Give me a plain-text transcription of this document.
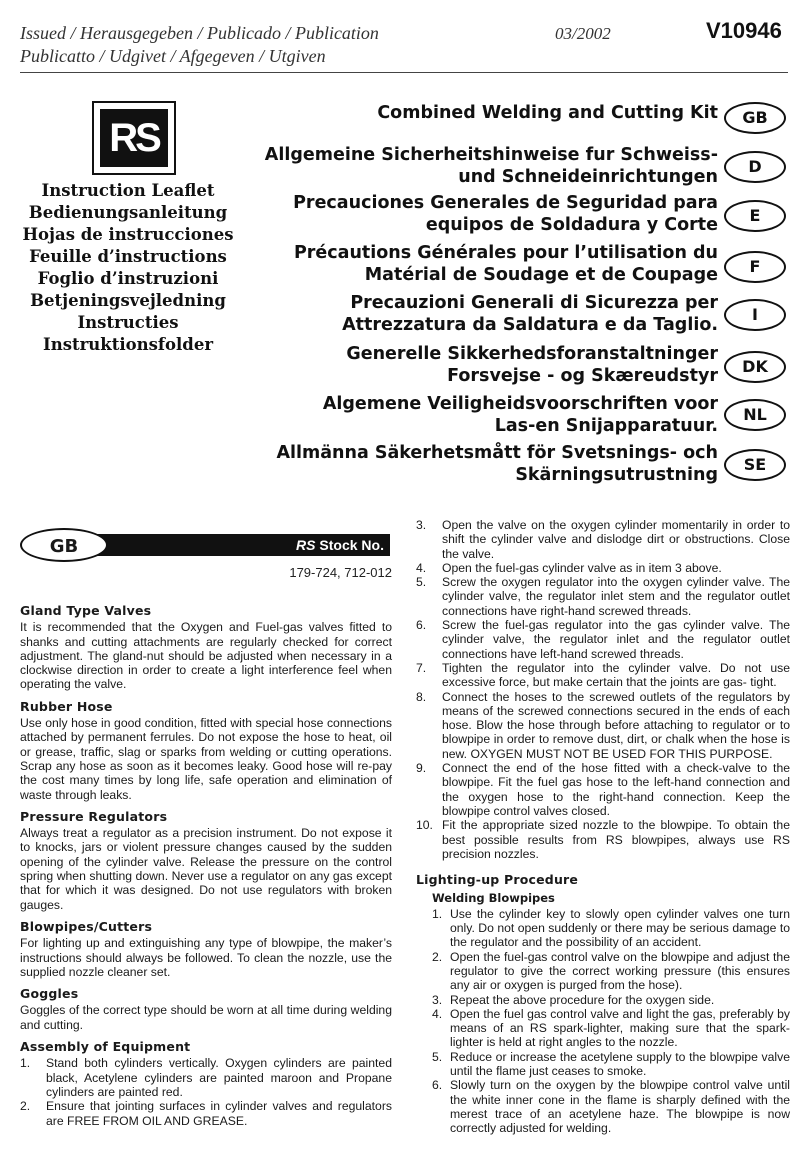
Issued / Herausgegeben / Publicado / Publication
Publicatto / Udgivet / Afgegeven / Utgiven
03/2002	V10946
RS
Instruction Leaflet
Bedienungsanleitung
Hojas de instrucciones
Feuille d’instructions
Foglio d’instruzioni
Betjeningsvejledning
Instructies
Instruktionsfolder
Combined Welding and Cutting Kit
Allgemeine Sicherheitshinweise fur Schweiss-
und Schneideinrichtungen
Precauciones Generales de Seguridad para
equipos de Soldadura y Corte
Précautions Générales pour l’utilisation du
Matérial de Soudage et de Coupage
Precauzioni Generali di Sicurezza per
Attrezzatura da Saldatura e da Taglio.
Generelle Sikkerhedsforanstaltninger
Forsvejse - og Skæreudstyr
Algemene Veiligheidsvoorschriften voor
Las-en Snijapparatuur.
Allmänna Säkerhetsmått för Svetsnings- och
Skärningsutrustning
GB
D
E
F
I
DK
NL
SE
RS Stock No.
GB
179-724, 712-012
Gland Type Valves

It is recommended that the Oxygen and Fuel-gas valves fitted to shanks and cutting attachments are regularly checked for correct adjustment. The gland-nut should be adjusted when necessary in a clockwise direction in order to create a light interference feel when operating the valve.

Rubber Hose

Use only hose in good condition, fitted with special hose connections attached by permanent ferrules. Do not expose the hose to heat, oil or grease, traffic, slag or sparks from welding or cutting operations. Scrap any hose as soon as it becomes leaky. Good hose will re-pay the cost many times by long life, safe operation and elimination of waste through leaks.

Pressure Regulators

Always treat a regulator as a precision instrument. Do not expose it to knocks, jars or violent pressure changes caused by the sudden opening of the cylinder valve. Release the pressure on the control spring when shutting down. Never use a regulator on any gas except that for which it was designed. Do not use regulators with broken gauges.

Blowpipes/Cutters

For lighting up and extinguishing any type of blowpipe, the maker’s instructions should always be followed. To clean the nozzle, use the supplied nozzle cleaner set.

Goggles

Goggles of the correct type should be worn at all time during welding and cutting.

Assembly of Equipment
1. Stand both cylinders vertically. Oxygen cylinders are painted black, Acetylene cylinders are painted maroon and Propane cylinders are painted red.
2. Ensure that jointing surfaces in cylinder valves and regulators are FREE FROM OIL AND GREASE.
3. Open the valve on the oxygen cylinder momentarily in order to shift the cylinder valve and dislodge dirt or obstructions. Close the valve.
4. Open the fuel-gas cylinder valve as in item 3 above.
5. Screw the oxygen regulator into the oxygen cylinder valve. The cylinder valve, the regulator inlet stem and the regulator outlet connections have right-hand screwed threads.
6. Screw the fuel-gas regulator into the gas cylinder valve. The cylinder valve, the regulator inlet and the regulator outlet connections have left-hand screwed threads.
7. Tighten the regulator into the cylinder valve. Do not use excessive force, but make certain that the joints are gas- tight.
8. Connect the hoses to the screwed outlets of the regulators by means of the screwed connections secured in the ends of each hose. Blow the hose through before attaching to regulator or to blowpipe in order to remove dust, dirt, or chalk when the hose is new. OXYGEN MUST NOT BE USED FOR THIS PURPOSE.
9. Connect the end of the hose fitted with a check-valve to the blowpipe. Fit the fuel gas hose to the left-hand connection and the oxygen hose to the right-hand connection. Keep the blowpipe control valves closed.
10. Fit the appropriate sized nozzle to the blowpipe. To obtain the best possible results from RS blowpipes, always use RS precision nozzles.
Lighting-up Procedure
Welding Blowpipes
1. Use the cylinder key to slowly open cylinder valves one turn only. Do not open suddenly or there may be serious damage to the regulator and the possibility of an accident.
2. Open the fuel-gas control valve on the blowpipe and adjust the regulator to give the correct working pressure (this ensures any air or oxygen is purged from the hose).
3. Repeat the above procedure for the oxygen side.
4. Open the fuel gas control valve and light the gas, preferably by means of an RS spark-lighter, making sure that the spark-lighter is held at right angles to the nozzle.
5. Reduce or increase the acetylene supply to the blowpipe valve until the flame just ceases to smoke.
6. Slowly turn on the oxygen by the blowpipe control valve until the white inner cone in the flame is sharply defined with the merest trace of an acetylene haze. The blowpipe is now correctly adjusted for welding.
